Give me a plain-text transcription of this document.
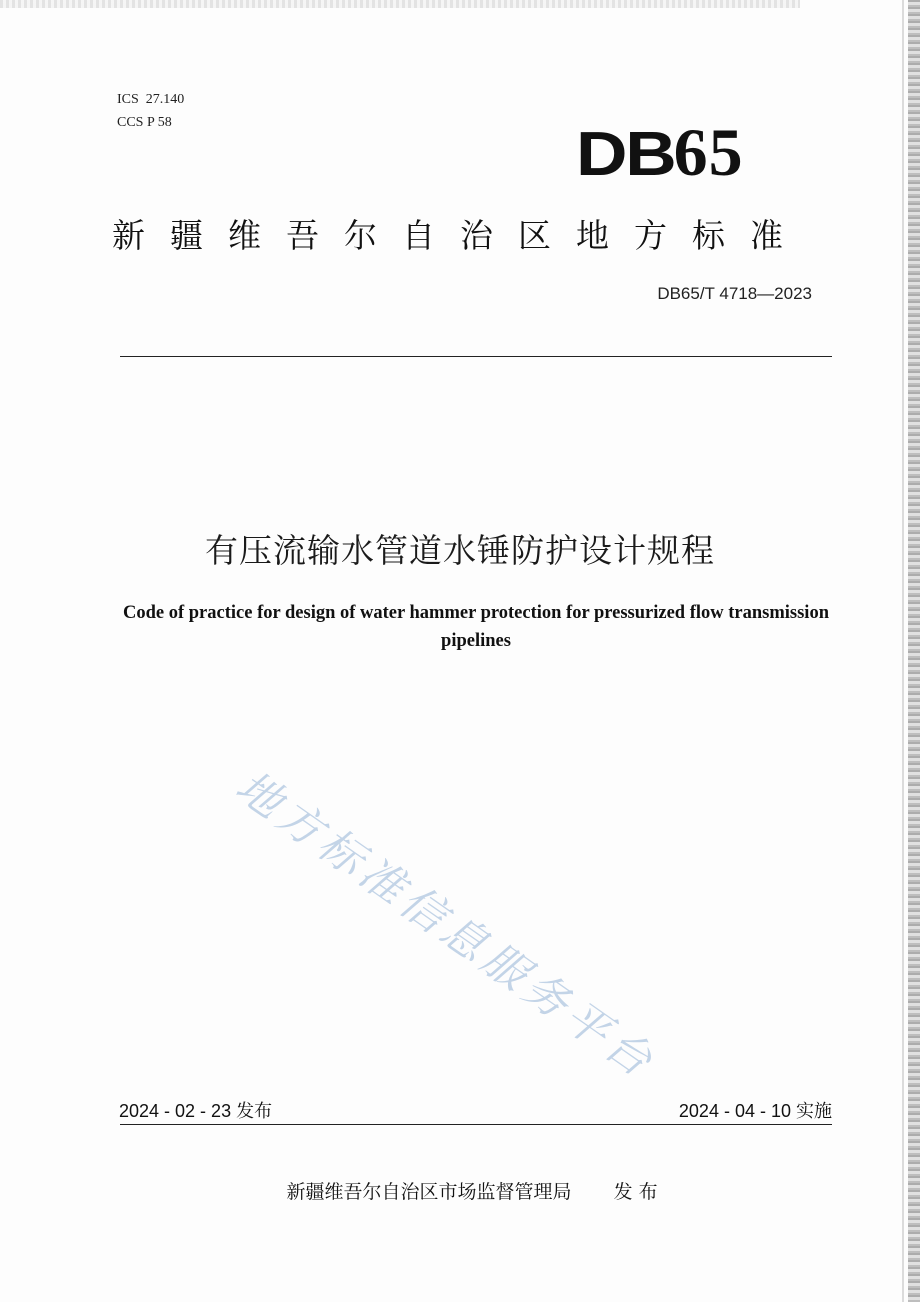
ICS  27.140
CCS P 58	DB65
新疆维吾尔自治区地方标准
DB65/T 4718—2023
有压流输水管道水锤防护设计规程
Code of practice for design of water hammer protection for pressurized flow transmission pipelines
地方标准信息服务平台
2024 - 02 - 23 发布	2024 - 04 - 10 实施

新疆维吾尔自治区市场监督管理局 发 布
